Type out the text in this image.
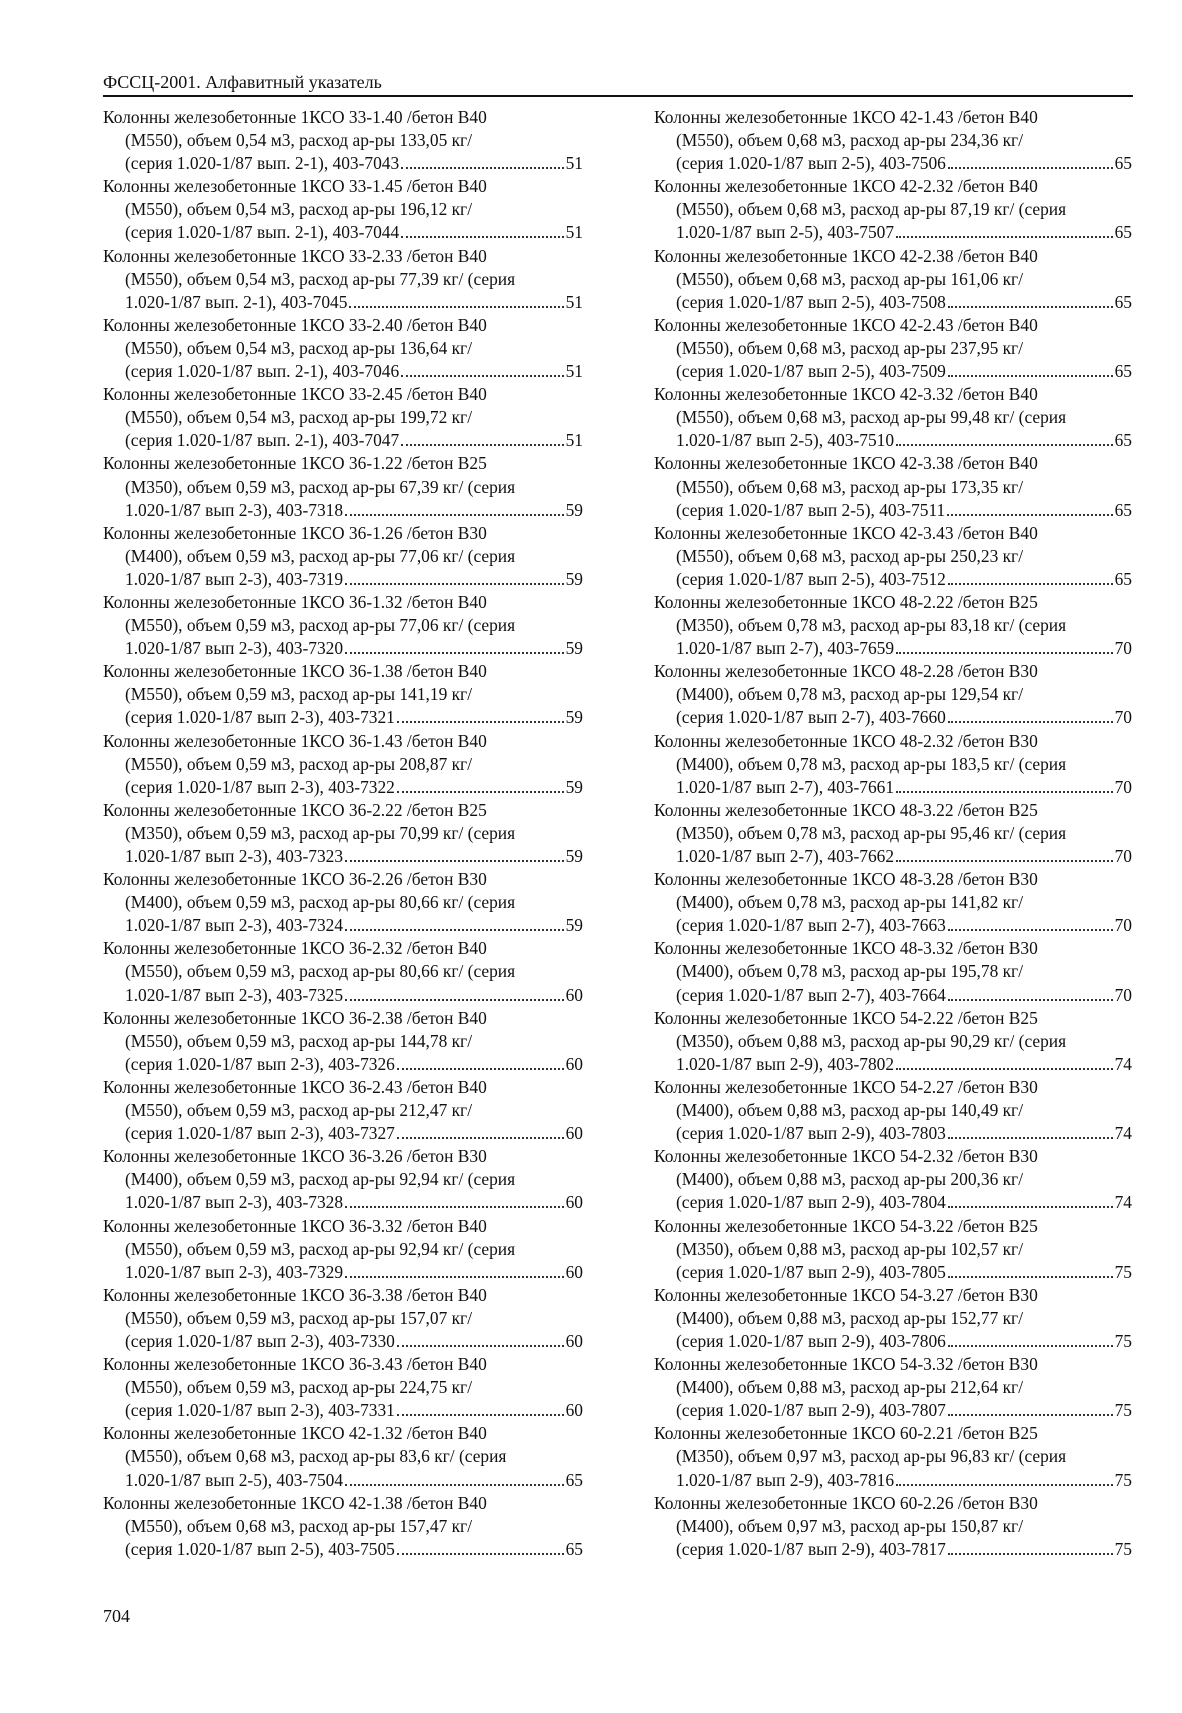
ФССЦ-2001. Алфавитный указатель
Колонны железобетонные 1КСО 33-1.40 /бетон В40
(М550), объем 0,54 м3, расход ар-ры 133,05 кг/
(серия 1.020-1/87 вып. 2-1), 403-7043	51
Колонны железобетонные 1КСО 33-1.45 /бетон В40
(М550), объем 0,54 м3, расход ар-ры 196,12 кг/
(серия 1.020-1/87 вып. 2-1), 403-7044	51
Колонны железобетонные 1КСО 33-2.33 /бетон В40
(М550), объем 0,54 м3, расход ар-ры 77,39 кг/ (серия
1.020-1/87 вып. 2-1), 403-7045	51
Колонны железобетонные 1КСО 33-2.40 /бетон В40
(М550), объем 0,54 м3, расход ар-ры 136,64 кг/
(серия 1.020-1/87 вып. 2-1), 403-7046	51
Колонны железобетонные 1КСО 33-2.45 /бетон В40
(М550), объем 0,54 м3, расход ар-ры 199,72 кг/
(серия 1.020-1/87 вып. 2-1), 403-7047	51
Колонны железобетонные 1КСО 36-1.22 /бетон В25
(М350), объем 0,59 м3, расход ар-ры 67,39 кг/ (серия
1.020-1/87 вып 2-3), 403-7318	59
Колонны железобетонные 1КСО 36-1.26 /бетон В30
(М400), объем 0,59 м3, расход ар-ры 77,06 кг/ (серия
1.020-1/87 вып 2-3), 403-7319	59
Колонны железобетонные 1КСО 36-1.32 /бетон В40
(М550), объем 0,59 м3, расход ар-ры 77,06 кг/ (серия
1.020-1/87 вып 2-3), 403-7320	59
Колонны железобетонные 1КСО 36-1.38 /бетон В40
(М550), объем 0,59 м3, расход ар-ры 141,19 кг/
(серия 1.020-1/87 вып 2-3), 403-7321	59
Колонны железобетонные 1КСО 36-1.43 /бетон В40
(М550), объем 0,59 м3, расход ар-ры 208,87 кг/
(серия 1.020-1/87 вып 2-3), 403-7322	59
Колонны железобетонные 1КСО 36-2.22 /бетон В25
(М350), объем 0,59 м3, расход ар-ры 70,99 кг/ (серия
1.020-1/87 вып 2-3), 403-7323	59
Колонны железобетонные 1КСО 36-2.26 /бетон В30
(М400), объем 0,59 м3, расход ар-ры 80,66 кг/ (серия
1.020-1/87 вып 2-3), 403-7324	59
Колонны железобетонные 1КСО 36-2.32 /бетон В40
(М550), объем 0,59 м3, расход ар-ры 80,66 кг/ (серия
1.020-1/87 вып 2-3), 403-7325	60
Колонны железобетонные 1КСО 36-2.38 /бетон В40
(М550), объем 0,59 м3, расход ар-ры 144,78 кг/
(серия 1.020-1/87 вып 2-3), 403-7326	60
Колонны железобетонные 1КСО 36-2.43 /бетон В40
(М550), объем 0,59 м3, расход ар-ры 212,47 кг/
(серия 1.020-1/87 вып 2-3), 403-7327	60
Колонны железобетонные 1КСО 36-3.26 /бетон В30
(М400), объем 0,59 м3, расход ар-ры 92,94 кг/ (серия
1.020-1/87 вып 2-3), 403-7328	60
Колонны железобетонные 1КСО 36-3.32 /бетон В40
(М550), объем 0,59 м3, расход ар-ры 92,94 кг/ (серия
1.020-1/87 вып 2-3), 403-7329	60
Колонны железобетонные 1КСО 36-3.38 /бетон В40
(М550), объем 0,59 м3, расход ар-ры 157,07 кг/
(серия 1.020-1/87 вып 2-3), 403-7330	60
Колонны железобетонные 1КСО 36-3.43 /бетон В40
(М550), объем 0,59 м3, расход ар-ры 224,75 кг/
(серия 1.020-1/87 вып 2-3), 403-7331	60
Колонны железобетонные 1КСО 42-1.32 /бетон В40
(М550), объем 0,68 м3, расход ар-ры 83,6 кг/ (серия
1.020-1/87 вып 2-5), 403-7504	65
Колонны железобетонные 1КСО 42-1.38 /бетон В40
(М550), объем 0,68 м3, расход ар-ры 157,47 кг/
(серия 1.020-1/87 вып 2-5), 403-7505	65
Колонны железобетонные 1КСО 42-1.43 /бетон В40
(М550), объем 0,68 м3, расход ар-ры 234,36 кг/
(серия 1.020-1/87 вып 2-5), 403-7506	65
Колонны железобетонные 1КСО 42-2.32 /бетон В40
(М550), объем 0,68 м3, расход ар-ры 87,19 кг/ (серия
1.020-1/87 вып 2-5), 403-7507	65
Колонны железобетонные 1КСО 42-2.38 /бетон В40
(М550), объем 0,68 м3, расход ар-ры 161,06 кг/
(серия 1.020-1/87 вып 2-5), 403-7508	65
Колонны железобетонные 1КСО 42-2.43 /бетон В40
(М550), объем 0,68 м3, расход ар-ры 237,95 кг/
(серия 1.020-1/87 вып 2-5), 403-7509	65
Колонны железобетонные 1КСО 42-3.32 /бетон В40
(М550), объем 0,68 м3, расход ар-ры 99,48 кг/ (серия
1.020-1/87 вып 2-5), 403-7510	65
Колонны железобетонные 1КСО 42-3.38 /бетон В40
(М550), объем 0,68 м3, расход ар-ры 173,35 кг/
(серия 1.020-1/87 вып 2-5), 403-7511	65
Колонны железобетонные 1КСО 42-3.43 /бетон В40
(М550), объем 0,68 м3, расход ар-ры 250,23 кг/
(серия 1.020-1/87 вып 2-5), 403-7512	65
Колонны железобетонные 1КСО 48-2.22 /бетон В25
(М350), объем 0,78 м3, расход ар-ры 83,18 кг/ (серия
1.020-1/87 вып 2-7), 403-7659	70
Колонны железобетонные 1КСО 48-2.28 /бетон В30
(М400), объем 0,78 м3, расход ар-ры 129,54 кг/
(серия 1.020-1/87 вып 2-7), 403-7660	70
Колонны железобетонные 1КСО 48-2.32 /бетон В30
(М400), объем 0,78 м3, расход ар-ры 183,5 кг/ (серия
1.020-1/87 вып 2-7), 403-7661	70
Колонны железобетонные 1КСО 48-3.22 /бетон В25
(М350), объем 0,78 м3, расход ар-ры 95,46 кг/ (серия
1.020-1/87 вып 2-7), 403-7662	70
Колонны железобетонные 1КСО 48-3.28 /бетон В30
(М400), объем 0,78 м3, расход ар-ры 141,82 кг/
(серия 1.020-1/87 вып 2-7), 403-7663	70
Колонны железобетонные 1КСО 48-3.32 /бетон В30
(М400), объем 0,78 м3, расход ар-ры 195,78 кг/
(серия 1.020-1/87 вып 2-7), 403-7664	70
Колонны железобетонные 1КСО 54-2.22 /бетон В25
(М350), объем 0,88 м3, расход ар-ры 90,29 кг/ (серия
1.020-1/87 вып 2-9), 403-7802	74
Колонны железобетонные 1КСО 54-2.27 /бетон В30
(М400), объем 0,88 м3, расход ар-ры 140,49 кг/
(серия 1.020-1/87 вып 2-9), 403-7803	74
Колонны железобетонные 1КСО 54-2.32 /бетон В30
(М400), объем 0,88 м3, расход ар-ры 200,36 кг/
(серия 1.020-1/87 вып 2-9), 403-7804	74
Колонны железобетонные 1КСО 54-3.22 /бетон В25
(М350), объем 0,88 м3, расход ар-ры 102,57 кг/
(серия 1.020-1/87 вып 2-9), 403-7805	75
Колонны железобетонные 1КСО 54-3.27 /бетон В30
(М400), объем 0,88 м3, расход ар-ры 152,77 кг/
(серия 1.020-1/87 вып 2-9), 403-7806	75
Колонны железобетонные 1КСО 54-3.32 /бетон В30
(М400), объем 0,88 м3, расход ар-ры 212,64 кг/
(серия 1.020-1/87 вып 2-9), 403-7807	75
Колонны железобетонные 1КСО 60-2.21 /бетон В25
(М350), объем 0,97 м3, расход ар-ры 96,83 кг/ (серия
1.020-1/87 вып 2-9), 403-7816	75
Колонны железобетонные 1КСО 60-2.26 /бетон В30
(М400), объем 0,97 м3, расход ар-ры 150,87 кг/
(серия 1.020-1/87 вып 2-9), 403-7817	75
704
